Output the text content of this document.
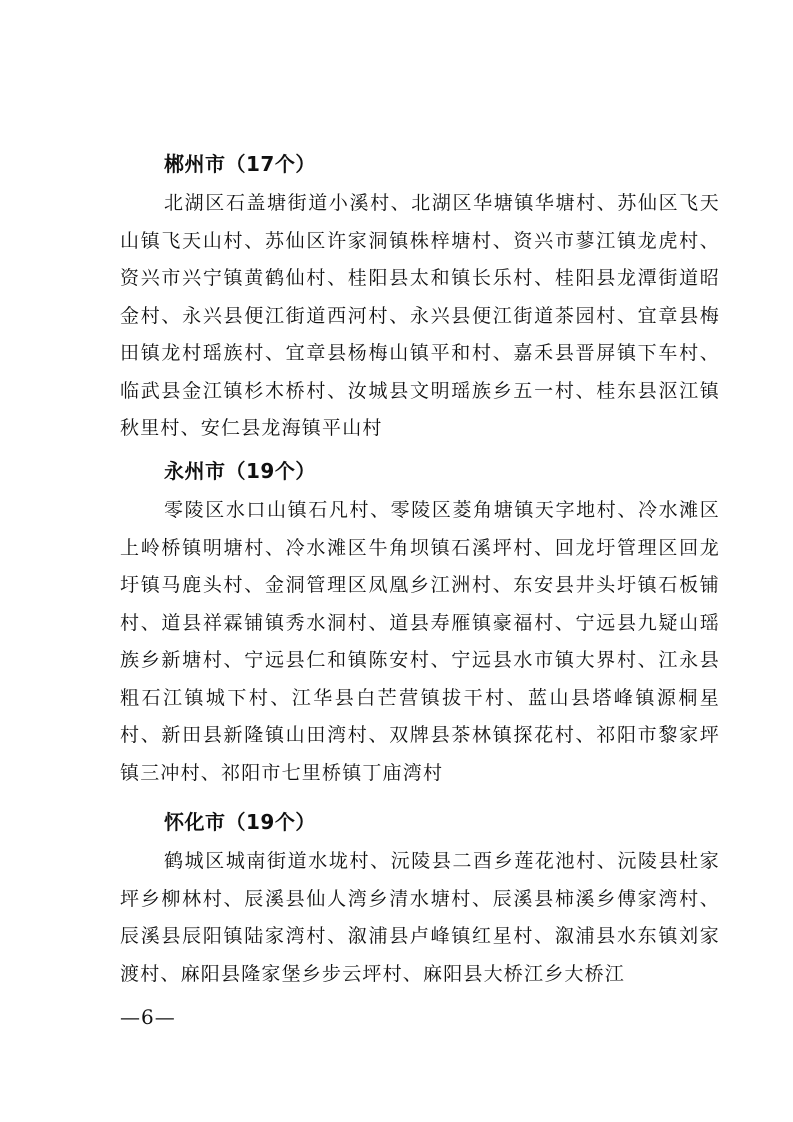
郴州市（17个）
北湖区石盖塘街道小溪村、北湖区华塘镇华塘村、苏仙区飞天山镇飞天山村、苏仙区许家洞镇株梓塘村、资兴市蓼江镇龙虎村、资兴市兴宁镇黄鹤仙村、桂阳县太和镇长乐村、桂阳县龙潭街道昭金村、永兴县便江街道西河村、永兴县便江街道茶园村、宜章县梅田镇龙村瑶族村、宜章县杨梅山镇平和村、嘉禾县晋屏镇下车村、临武县金江镇杉木桥村、汝城县文明瑶族乡五一村、桂东县沤江镇秋里村、安仁县龙海镇平山村
永州市（19个）
零陵区水口山镇石凡村、零陵区菱角塘镇天字地村、冷水滩区上岭桥镇明塘村、冷水滩区牛角坝镇石溪坪村、回龙圩管理区回龙圩镇马鹿头村、金洞管理区凤凰乡江洲村、东安县井头圩镇石板铺村、道县祥霖铺镇秀水洞村、道县寿雁镇豪福村、宁远县九疑山瑶族乡新塘村、宁远县仁和镇陈安村、宁远县水市镇大界村、江永县粗石江镇城下村、江华县白芒营镇拔干村、蓝山县塔峰镇源桐星村、新田县新隆镇山田湾村、双牌县茶林镇探花村、祁阳市黎家坪镇三冲村、祁阳市七里桥镇丁庙湾村
怀化市（19个）
鹤城区城南街道水垅村、沅陵县二酉乡莲花池村、沅陵县杜家坪乡柳林村、辰溪县仙人湾乡清水塘村、辰溪县柿溪乡傅家湾村、辰溪县辰阳镇陆家湾村、溆浦县卢峰镇红星村、溆浦县水东镇刘家渡村、麻阳县隆家堡乡步云坪村、麻阳县大桥江乡大桥江
—6—
